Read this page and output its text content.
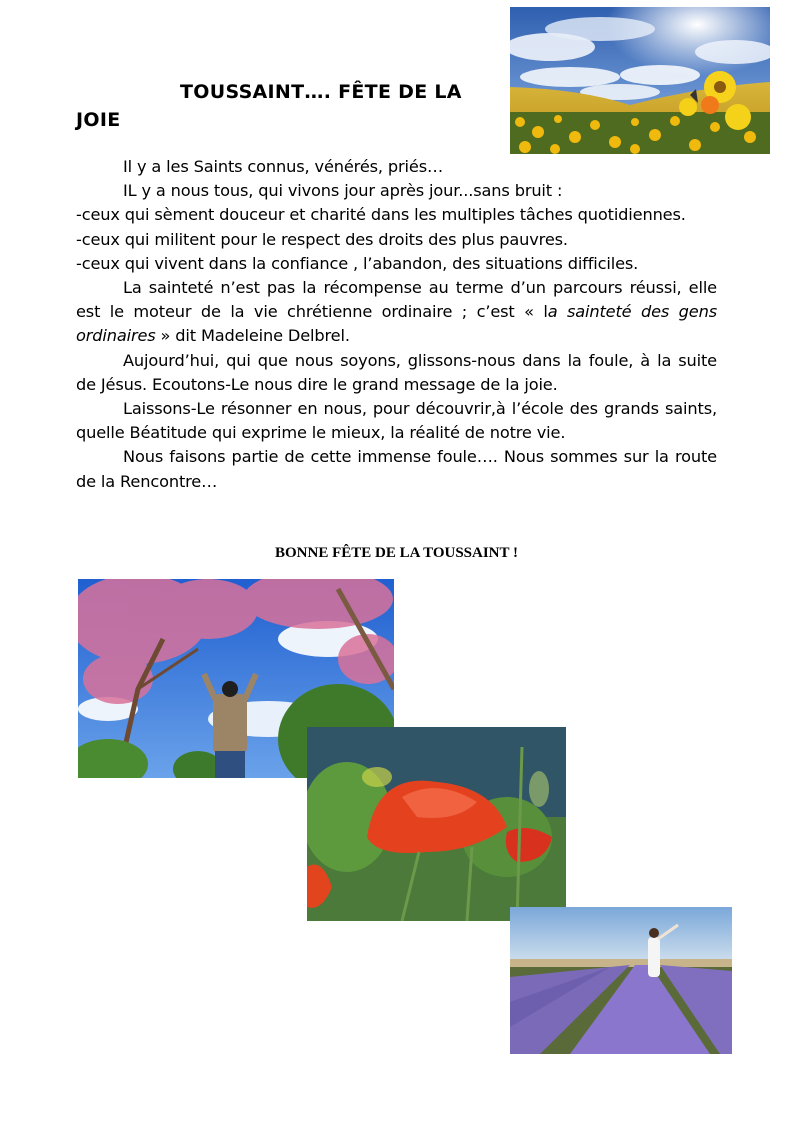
TOUSSAINT…. FÊTE DE LA
JOIE

Il y a les Saints connus, vénérés, priés…

IL y a nous tous, qui vivons jour après jour...sans bruit :

-ceux qui sèment douceur et charité dans les multiples tâches quotidiennes.

-ceux qui militent pour le respect des droits des plus pauvres.

-ceux qui vivent dans la confiance , l’abandon, des situations difficiles.

La sainteté n’est pas la récompense au terme d’un parcours réussi, elle est le moteur de la vie chrétienne ordinaire ; c’est « la sainteté des gens ordinaires » dit Madeleine Delbrel.

Aujourd’hui, qui que nous soyons, glissons-nous dans la foule, à la suite de Jésus. Ecoutons-Le nous dire le grand message de la joie.

Laissons-Le résonner en nous, pour découvrir,à l’école des grands saints, quelle Béatitude qui exprime le mieux, la réalité de notre vie.

Nous faisons partie de cette immense foule…. Nous sommes sur la route de la Rencontre…

BONNE FÊTE DE LA TOUSSAINT !
